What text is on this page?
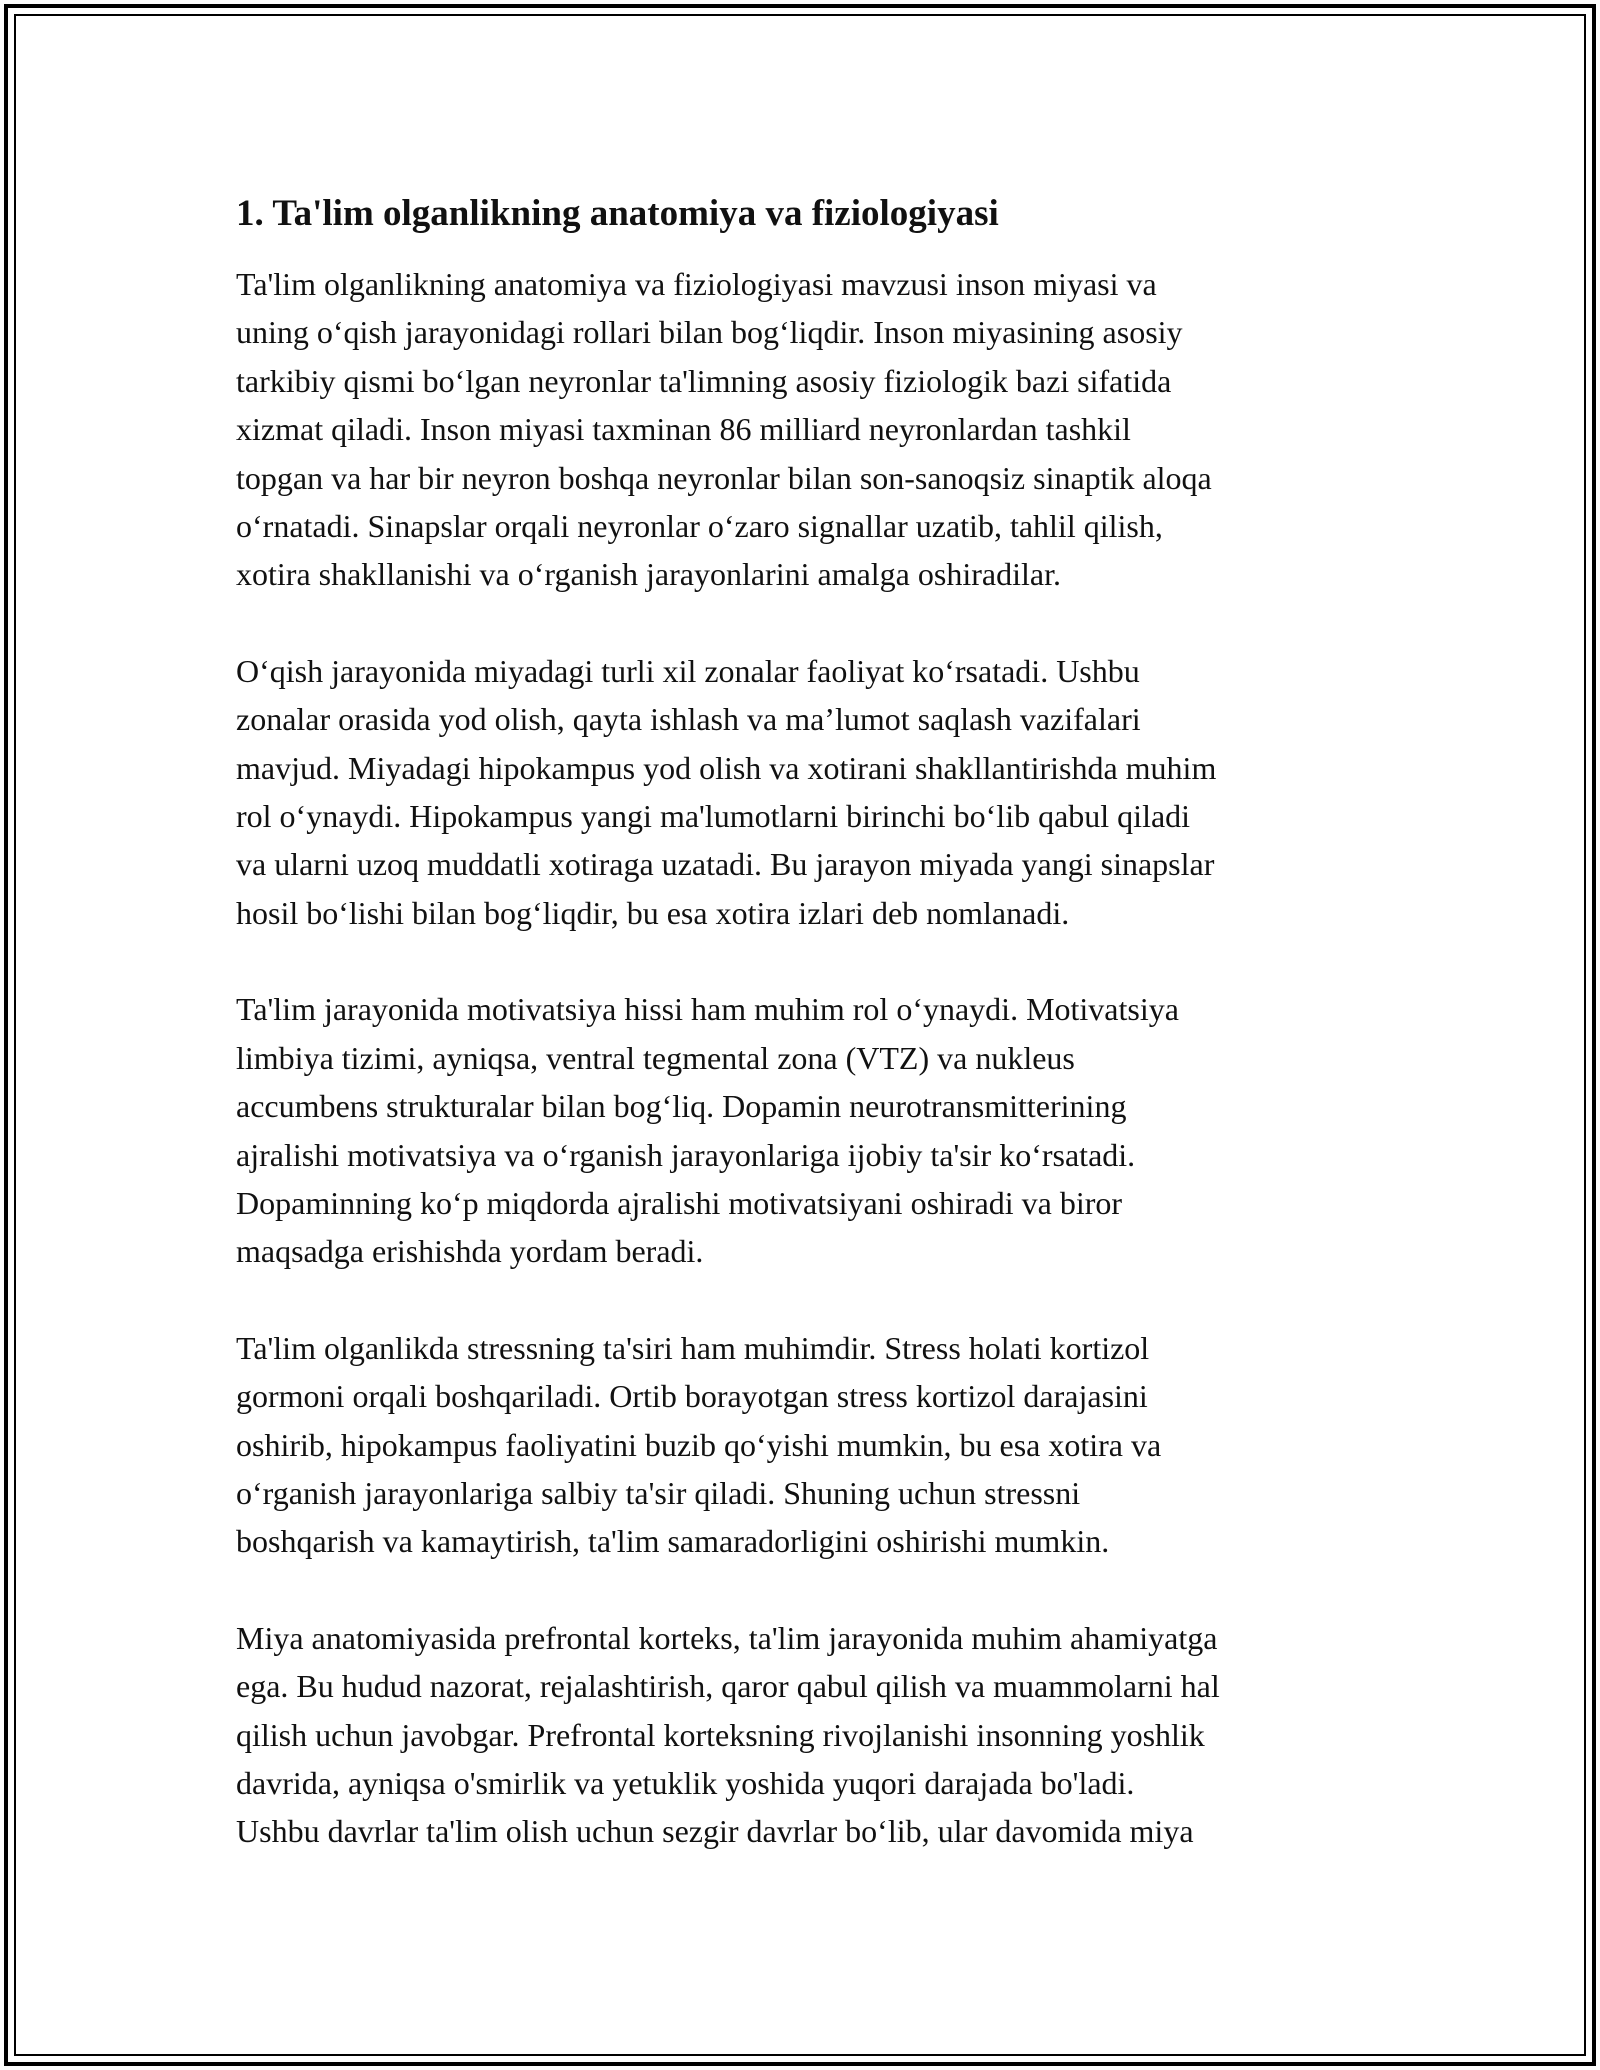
1. Ta'lim olganlikning anatomiya va fiziologiyasi
Ta'lim olganlikning anatomiya va fiziologiyasi mavzusi inson miyasi va
uning o‘qish jarayonidagi rollari bilan bog‘liqdir. Inson miyasining asosiy
tarkibiy qismi bo‘lgan neyronlar ta'limning asosiy fiziologik bazi sifatida
xizmat qiladi. Inson miyasi taxminan 86 milliard neyronlardan tashkil
topgan va har bir neyron boshqa neyronlar bilan son-sanoqsiz sinaptik aloqa
o‘rnatadi. Sinapslar orqali neyronlar o‘zaro signallar uzatib, tahlil qilish,
xotira shakllanishi va o‘rganish jarayonlarini amalga oshiradilar.
O‘qish jarayonida miyadagi turli xil zonalar faoliyat ko‘rsatadi. Ushbu
zonalar orasida yod olish, qayta ishlash va ma’lumot saqlash vazifalari
mavjud. Miyadagi hipokampus yod olish va xotirani shakllantirishda muhim
rol o‘ynaydi. Hipokampus yangi ma'lumotlarni birinchi bo‘lib qabul qiladi
va ularni uzoq muddatli xotiraga uzatadi. Bu jarayon miyada yangi sinapslar
hosil bo‘lishi bilan bog‘liqdir, bu esa xotira izlari deb nomlanadi.
Ta'lim jarayonida motivatsiya hissi ham muhim rol o‘ynaydi. Motivatsiya
limbiya tizimi, ayniqsa, ventral tegmental zona (VTZ) va nukleus
accumbens strukturalar bilan bog‘liq. Dopamin neurotransmitterining
ajralishi motivatsiya va o‘rganish jarayonlariga ijobiy ta'sir ko‘rsatadi.
Dopaminning ko‘p miqdorda ajralishi motivatsiyani oshiradi va biror
maqsadga erishishda yordam beradi.
Ta'lim olganlikda stressning ta'siri ham muhimdir. Stress holati kortizol
gormoni orqali boshqariladi. Ortib borayotgan stress kortizol darajasini
oshirib, hipokampus faoliyatini buzib qo‘yishi mumkin, bu esa xotira va
o‘rganish jarayonlariga salbiy ta'sir qiladi. Shuning uchun stressni
boshqarish va kamaytirish, ta'lim samaradorligini oshirishi mumkin.
Miya anatomiyasida prefrontal korteks, ta'lim jarayonida muhim ahamiyatga
ega. Bu hudud nazorat, rejalashtirish, qaror qabul qilish va muammolarni hal
qilish uchun javobgar. Prefrontal korteksning rivojlanishi insonning yoshlik
davrida, ayniqsa o'smirlik va yetuklik yoshida yuqori darajada bo'ladi.
Ushbu davrlar ta'lim olish uchun sezgir davrlar bo‘lib, ular davomida miya
